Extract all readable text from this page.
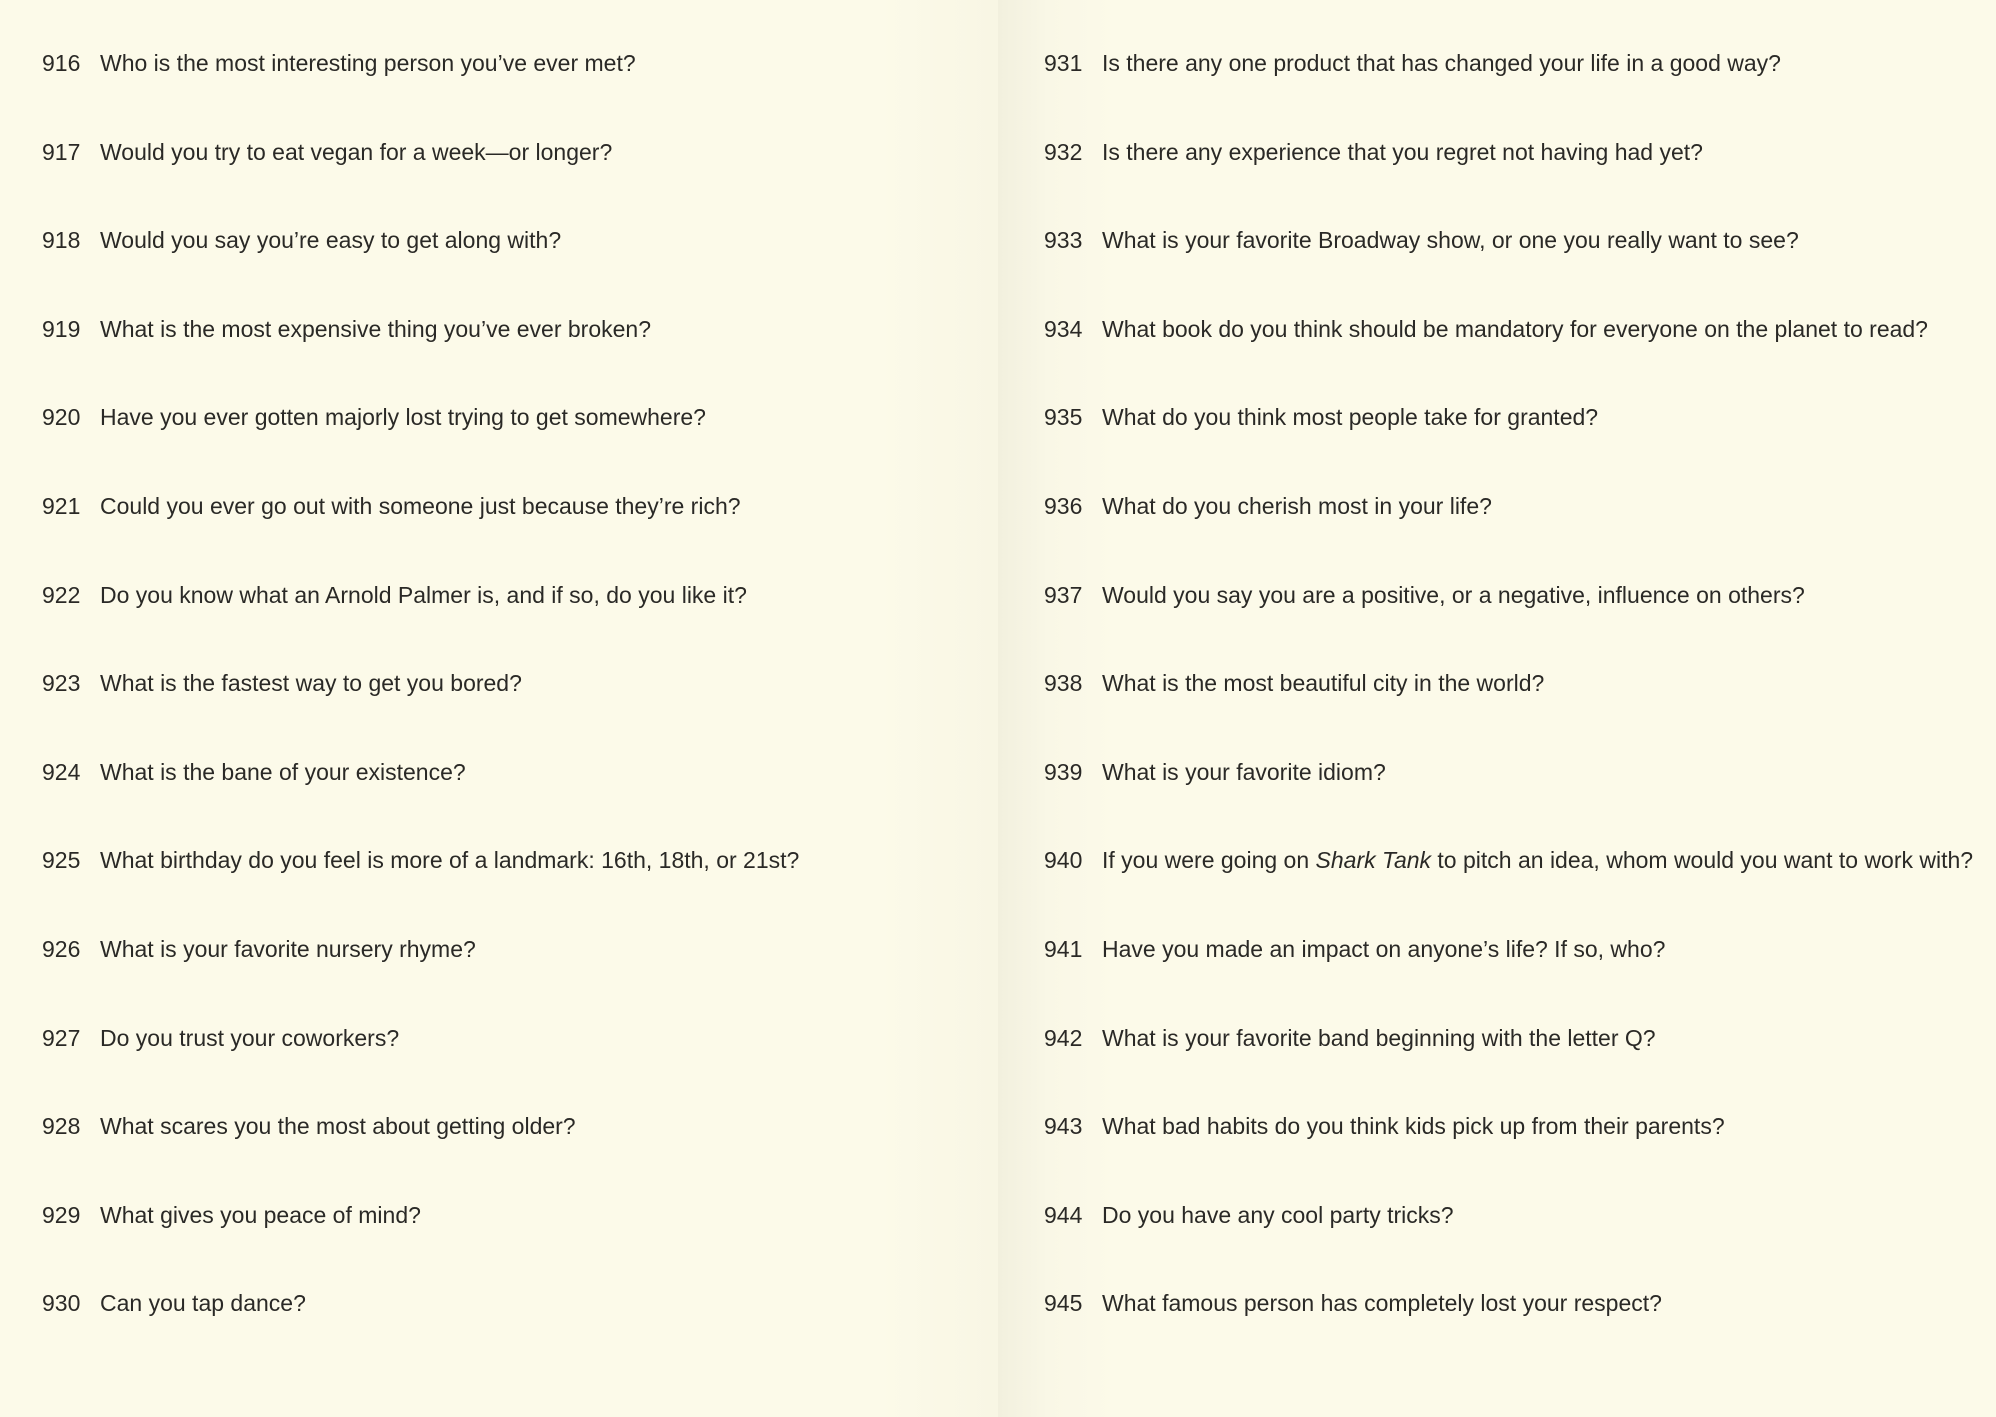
916 Who is the most interesting person you’ve ever met?
917 Would you try to eat vegan for a week—or longer?
918 Would you say you’re easy to get along with?
919 What is the most expensive thing you’ve ever broken?
920 Have you ever gotten majorly lost trying to get somewhere?
921 Could you ever go out with someone just because they’re rich?
922 Do you know what an Arnold Palmer is, and if so, do you like it?
923 What is the fastest way to get you bored?
924 What is the bane of your existence?
925 What birthday do you feel is more of a landmark: 16th, 18th, or 21st?
926 What is your favorite nursery rhyme?
927 Do you trust your coworkers?
928 What scares you the most about getting older?
929 What gives you peace of mind?
930 Can you tap dance?
931 Is there any one product that has changed your life in a good way?
932 Is there any experience that you regret not having had yet?
933 What is your favorite Broadway show, or one you really want to see?
934 What book do you think should be mandatory for everyone on the planet to read?
935 What do you think most people take for granted?
936 What do you cherish most in your life?
937 Would you say you are a positive, or a negative, influence on others?
938 What is the most beautiful city in the world?
939 What is your favorite idiom?
940 If you were going on Shark Tank to pitch an idea, whom would you want to work with?
941 Have you made an impact on anyone’s life? If so, who?
942 What is your favorite band beginning with the letter Q?
943 What bad habits do you think kids pick up from their parents?
944 Do you have any cool party tricks?
945 What famous person has completely lost your respect?
